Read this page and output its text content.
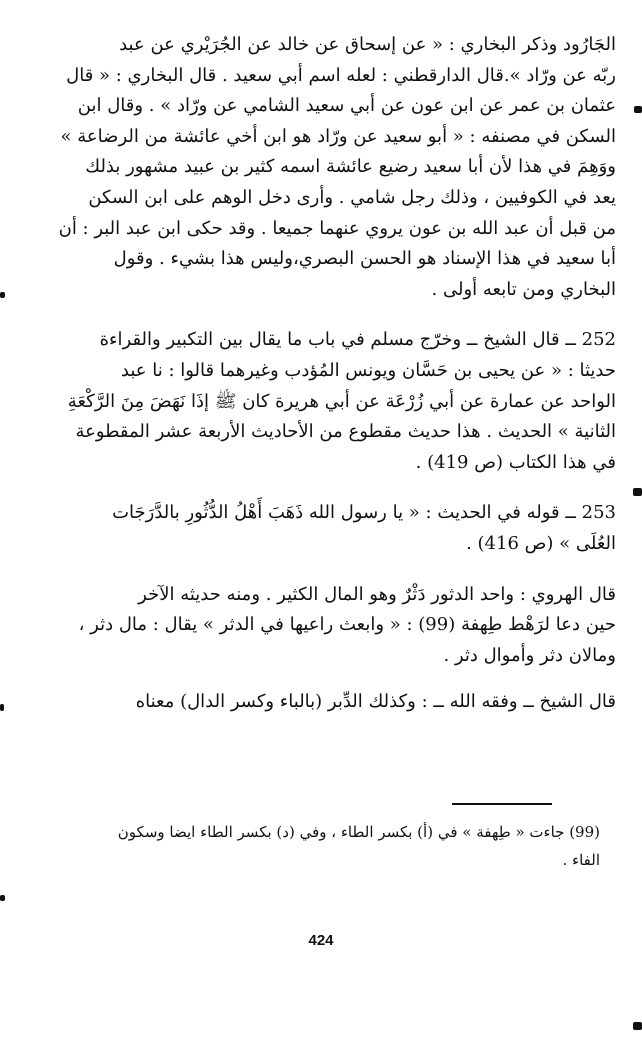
الجَارُود وذكر البخاري : « عن إسحاق عن خالد عن الجُرَيْري عن عبد
ربّه عن ورّاد ».قال الدارقطني : لعله اسم أبي سعيد . قال البخاري : « قال
عثمان بن عمر عن ابن عون عن أبي سعيد الشامي عن ورّاد » . وقال ابن
السكن في مصنفه : « أبو سعيد عن ورّاد هو ابن أخي عائشة من الرضاعة »
ووَهِمَ في هذا لأن أبا سعيد رضيع عائشة اسمه كثير بن عبيد مشهور بذلك
يعد في الكوفيين ، وذلك رجل شامي . وأرى دخل الوهم على ابن السكن
من قبل أن عبد الله بن عون يروي عنهما جميعا . وقد حكى ابن عبد البر : أن
أبا سعيد في هذا الإسناد هو الحسن البصري،وليس هذا بشيء . وقول
البخاري ومن تابعه أولى .

252 ــ قال الشيخ ــ وخرّج مسلم في باب ما يقال بين التكبير والقراءة
حديثا : « عن يحيى بن حَسَّان ويونس المُؤدب وغيرهما قالوا : نا عبد
الواحد عن عمارة عن أبي زُرْعَة عن أبي هريرة كان ﷺ إذَا نَهَضَ مِنَ الرَّكْعَةِ
الثانية » الحديث . هذا حديث مقطوع من الأحاديث الأربعة عشر المقطوعة
في هذا الكتاب (ص 419) .

253 ــ قوله في الحديث : « يا رسول الله ذَهَبَ أَهْلُ الدُّثُورِ بالدَّرَجَات
العُلَى » (ص 416) .

قال الهروي : واحد الدثور دَثْرٌ وهو المال الكثير . ومنه حديثه الآخر
حين دعا لرَهْط طِهفة (99) : « وابعث راعيها في الدثر » يقال : مال دثر ،
ومالان دثر وأموال دثر .

قال الشيخ ــ وفقه الله ــ : وكذلك الدِّبر (بالباء وكسر الدال) معناه

(99) جاءت « طِهفة » في (أ) بكسر الطاء ، وفي (د) بكسر الطاء ايضا وسكون
الفاء .
424
